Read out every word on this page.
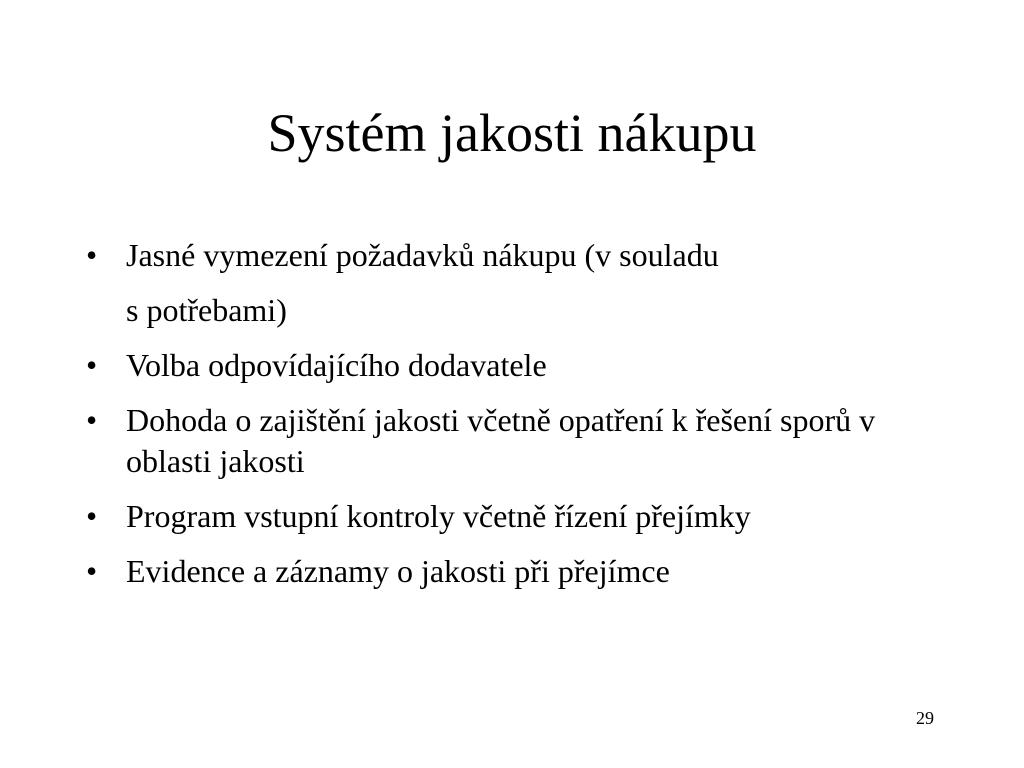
Systém jakosti nákupu
• Jasné vymezení požadavků nákupu (v souladu
s potřebami)
• Volba odpovídajícího dodavatele
• Dohoda o zajištění jakosti včetně opatření k řešení sporů v oblasti jakosti
• Program vstupní kontroly včetně řízení přejímky
• Evidence a záznamy o jakosti při přejímce
29
